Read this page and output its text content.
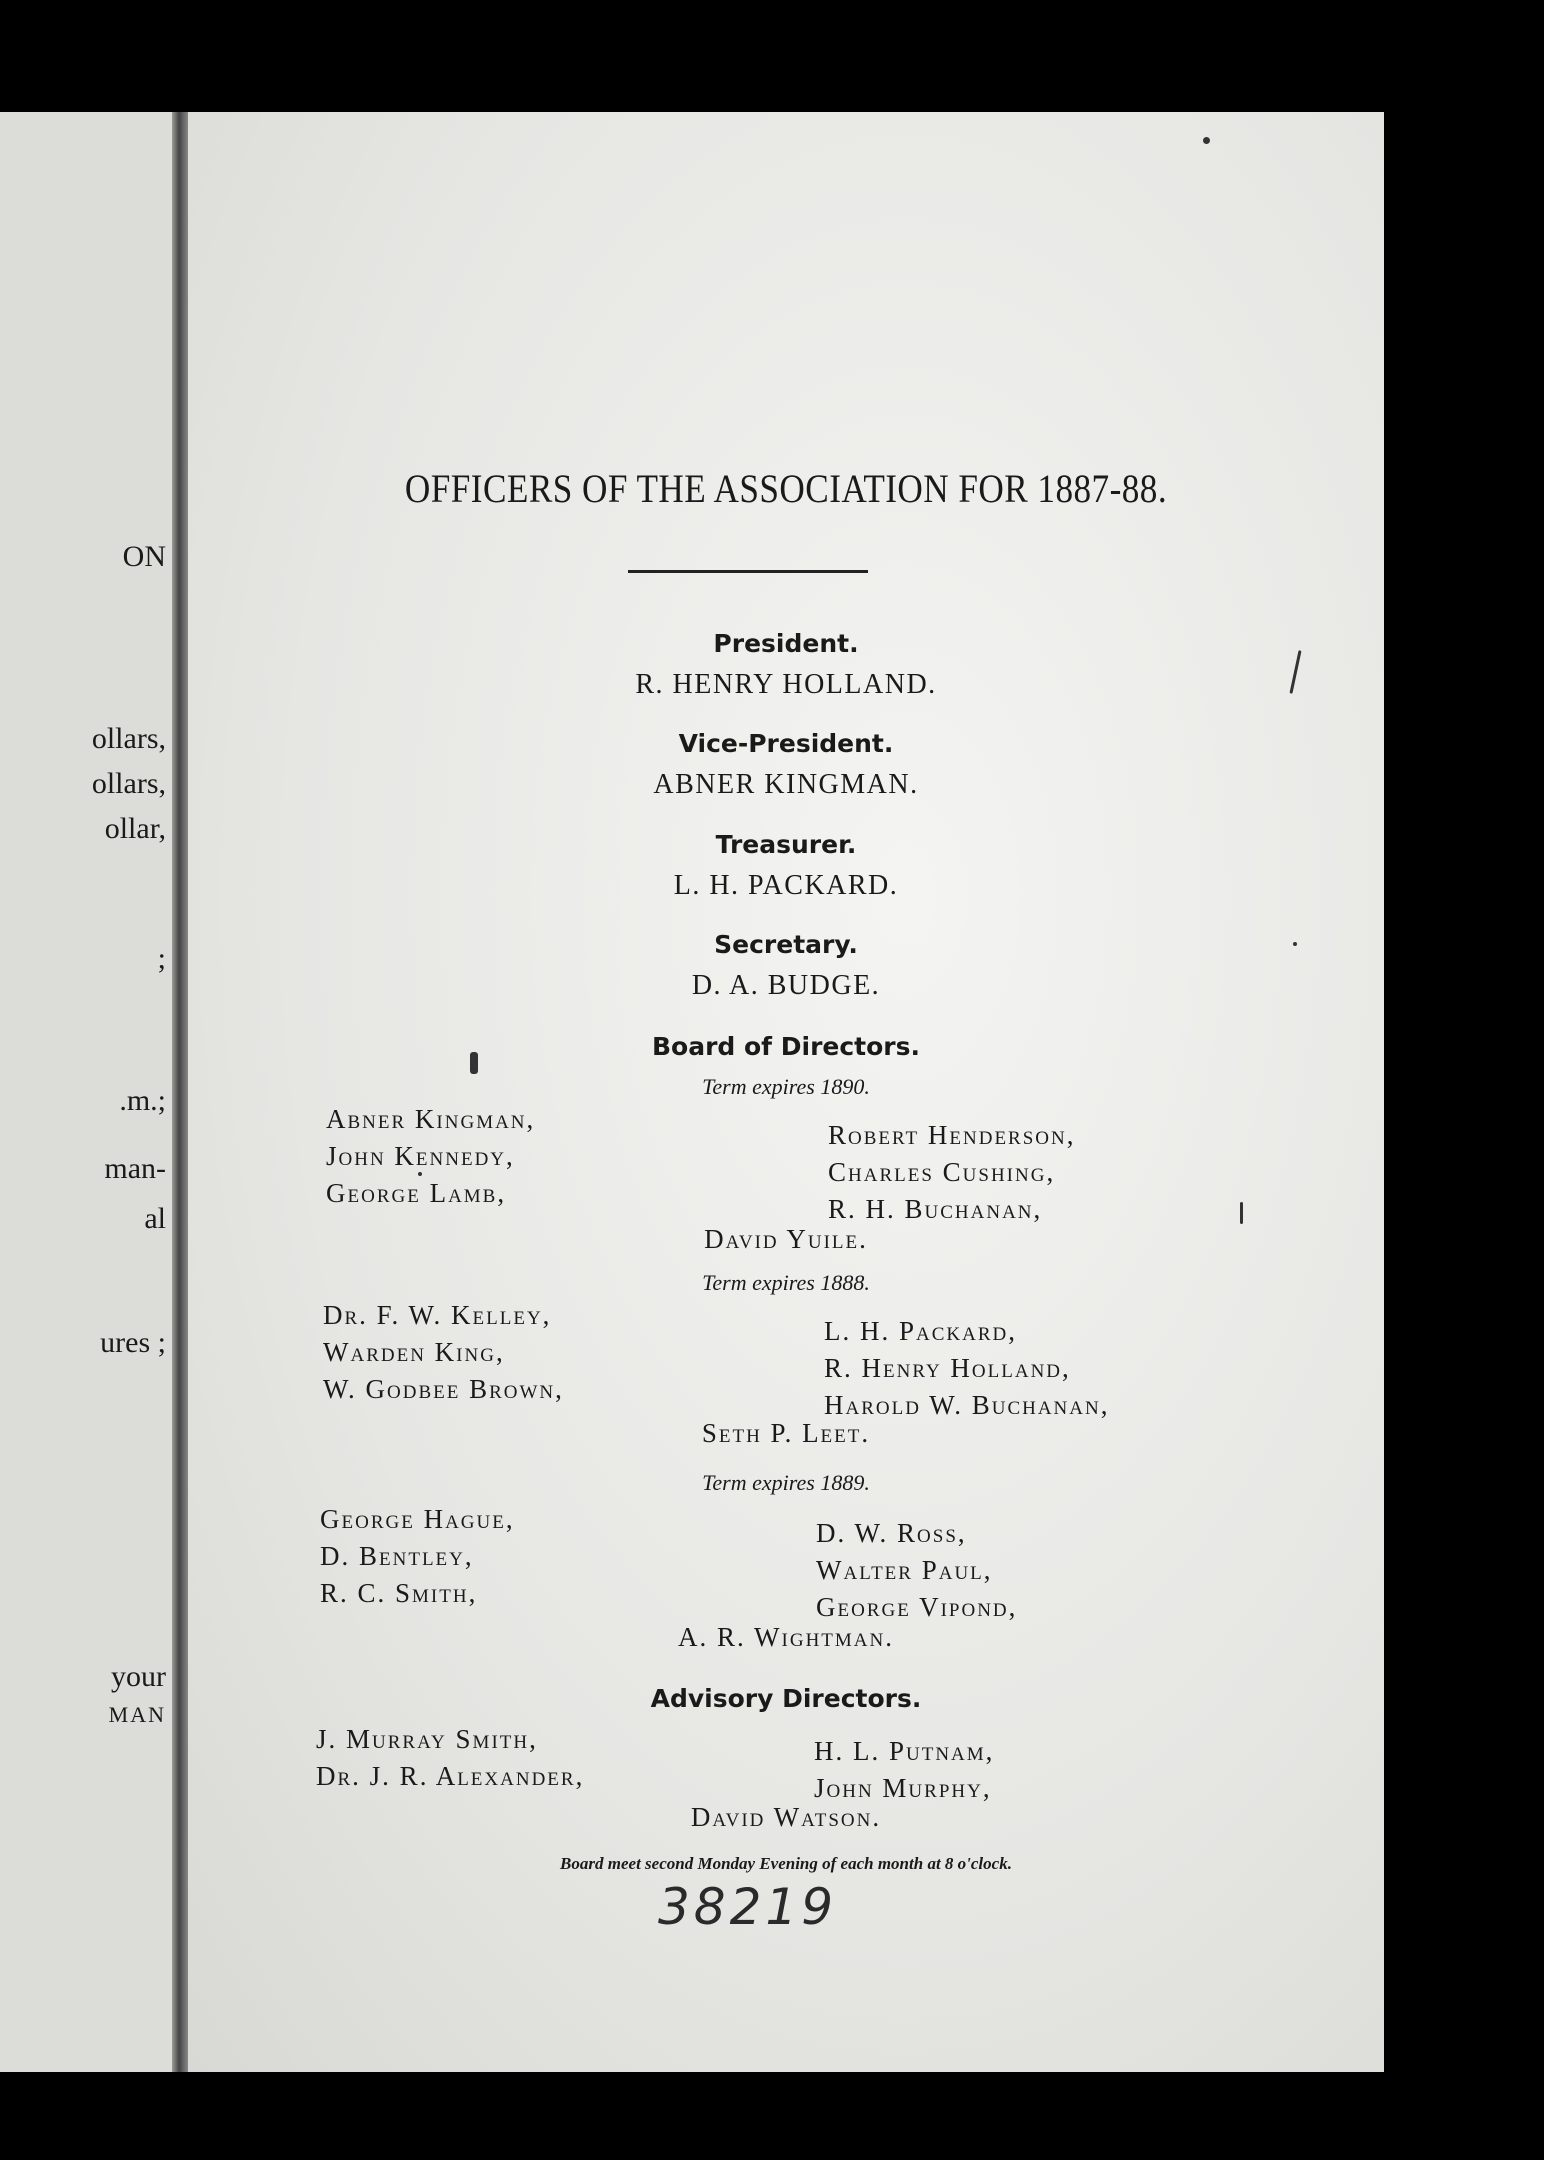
ON
ollars,
ollars,
ollar,
;
.m.;
man-
al
ures ;
your
MAN
OFFICERS OF THE ASSOCIATION FOR 1887-88.
President.
R. HENRY HOLLAND.
Vice-President.
ABNER KINGMAN.
Treasurer.
L. H. PACKARD.
Secretary.
D. A. BUDGE.
Board of Directors.
Term expires 1890.
Abner Kingman,
John Kennedy,
George Lamb,
Robert Henderson,
Charles Cushing,
R. H. Buchanan,
David Yuile.
Term expires 1888.
Dr. F. W. Kelley,
Warden King,
W. Godbee Brown,
L. H. Packard,
R. Henry Holland,
Harold W. Buchanan,
Seth P. Leet.
Term expires 1889.
George Hague,
D. Bentley,
R. C. Smith,
D. W. Ross,
Walter Paul,
George Vipond,
A. R. Wightman.
Advisory Directors.
J. Murray Smith,
Dr. J. R. Alexander,
H. L. Putnam,
John Murphy,
David Watson.
Board meet second Monday Evening of each month at 8 o'clock.
38219
